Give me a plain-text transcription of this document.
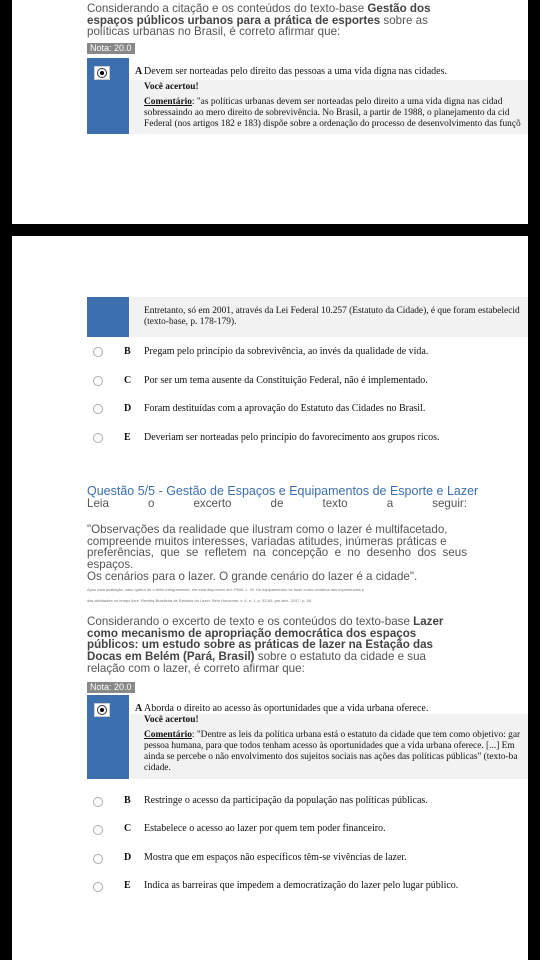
Considerando a citação e os conteúdos do texto-base Gestão dos espaços públicos urbanos para a prática de esportes sobre as políticas urbanas no Brasil, é correto afirmar que:
Nota: 20.0
A Devem ser norteadas pelo direito das pessoas a uma vida digna nas cidades.
Você acertou!
Comentário: "as políticas urbanas devem ser norteadas pelo direito a uma vida digna nas cidad
sobressaindo ao mero direito de sobrevivência. No Brasil, a partir de 1988, o planejamento da cid
Federal (nos artigos 182 e 183) dispõe sobre a ordenação do processo de desenvolvimento das funçõ
Entretanto, só em 2001, através da Lei Federal 10.257 (Estatuto da Cidade), é que foram estabelecid
(texto-base, p. 178-179).
B Pregam pelo princípio da sobrevivência, ao invés da qualidade de vida.
C Por ser um tema ausente da Constituição Federal, não é implementado.
D Foram destituídas com a aprovação do Estatuto das Cidades no Brasil.
E Deveriam ser norteadas pelo princípio do favorecimento aos grupos ricos.
Questão 5/5 - Gestão de Espaços e Equipamentos de Esporte e Lazer
Leia	o	excerto	de	texto	a	seguir:
"Observações da realidade que ilustram como o lazer é multifacetado,
compreende muitos interesses, variadas atitudes, inúmeras práticas e
preferências, que se refletem na concepção e no desenho dos seus espaços.
Os cenários para o lazer. O grande cenário do lazer é a cidade".
Após esta avaliação, caso queira ler o texto integralmente, ele está disponível em: PINA, L. W. Os equipamentos de lazer como cenários das experiências e
das atividades no tempo livre. Revista Brasileira de Estudos do Lazer, Belo Horizonte, v. 4, n. 1, p. 52-69, jan./abr., 2017. p. 54.
Considerando o excerto de texto e os conteúdos do texto-base Lazer como mecanismo de apropriação democrática dos espaços públicos: um estudo sobre as práticas de lazer na Estação das Docas em Belém (Pará, Brasil) sobre o estatuto da cidade e sua relação com o lazer, é correto afirmar que:
Nota: 20.0
A Aborda o direito ao acesso às oportunidades que a vida urbana oferece.
Você acertou!
Comentário: "Dentre as leis da política urbana está o estatuto da cidade que tem como objetivo: gar
pessoa humana, para que todos tenham acesso às oportunidades que a vida urbana oferece. [...] Em
ainda se percebe o não envolvimento dos sujeitos sociais nas ações das políticas públicas" (texto-ba
cidade.
B Restringe o acesso da participação da população nas políticas públicas.
C Estabelece o acesso ao lazer por quem tem poder financeiro.
D Mostra que em espaços não específicos têm-se vivências de lazer.
E Indica as barreiras que impedem a democratização do lazer pelo lugar público.
